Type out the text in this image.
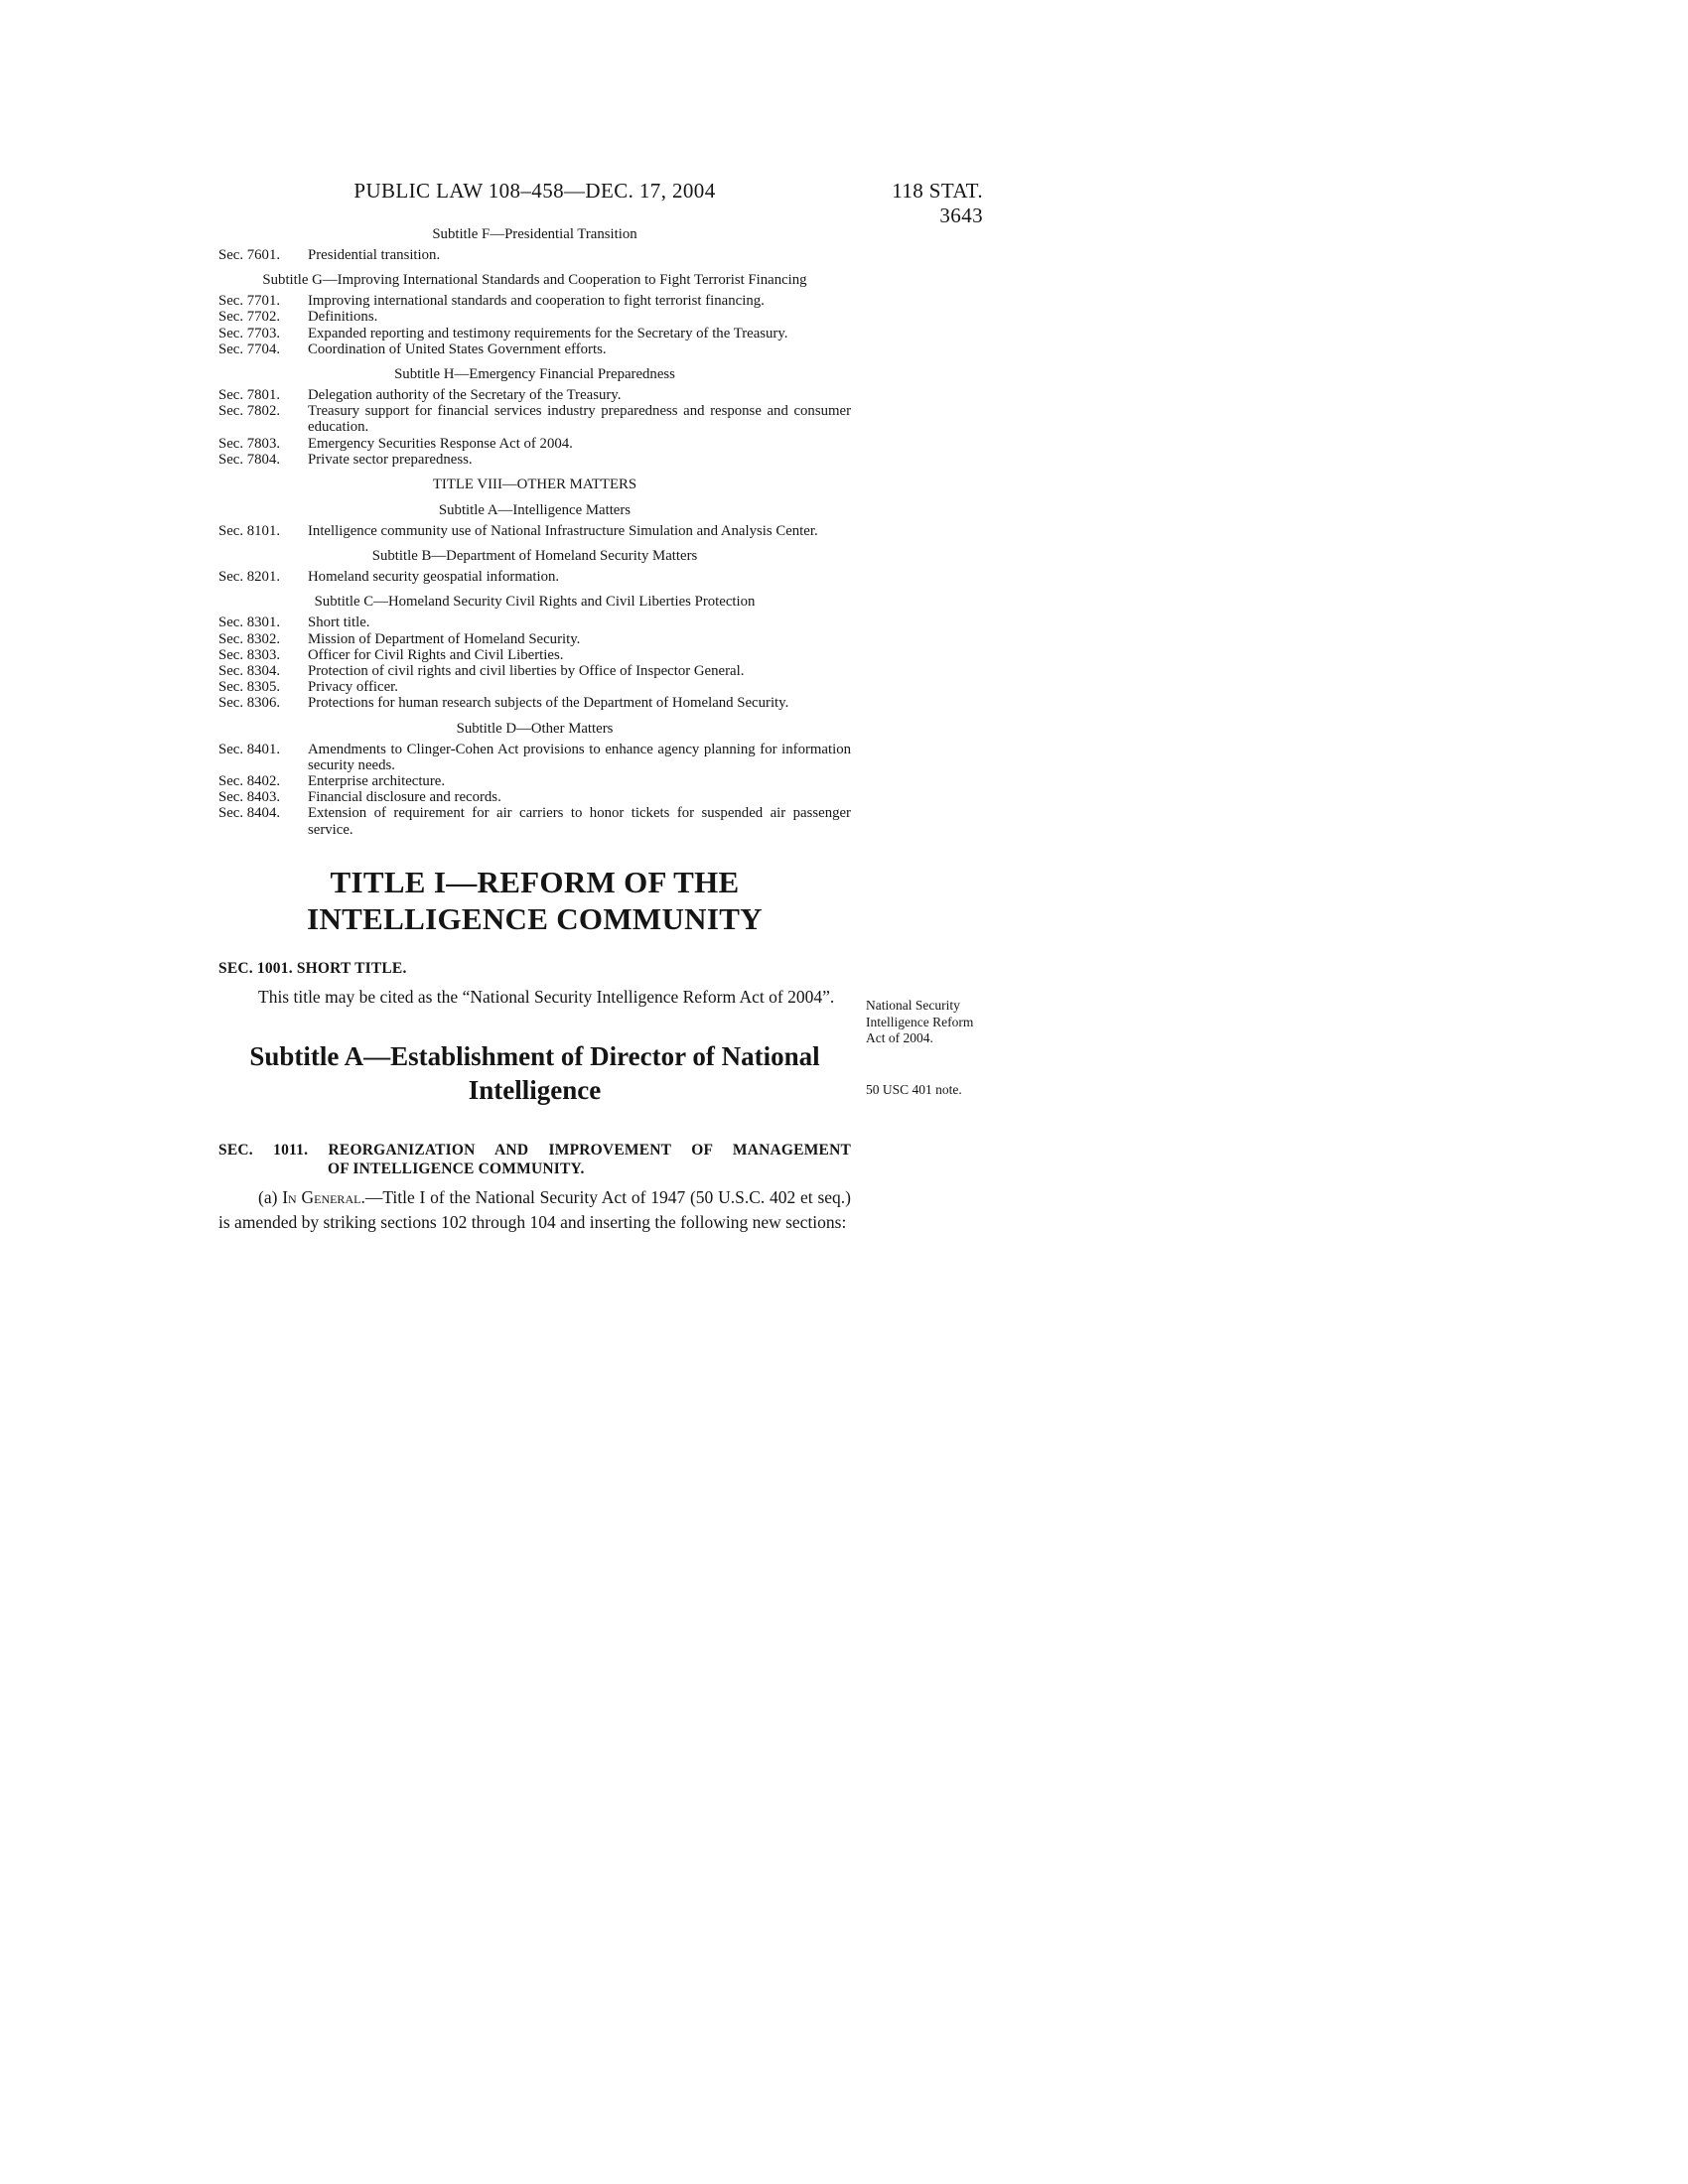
PUBLIC LAW 108–458—DEC. 17, 2004	118 STAT. 3643
Subtitle F—Presidential Transition
Sec. 7601. Presidential transition.
Subtitle G—Improving International Standards and Cooperation to Fight Terrorist Financing
Sec. 7701. Improving international standards and cooperation to fight terrorist financing.
Sec. 7702. Definitions.
Sec. 7703. Expanded reporting and testimony requirements for the Secretary of the Treasury.
Sec. 7704. Coordination of United States Government efforts.
Subtitle H—Emergency Financial Preparedness
Sec. 7801. Delegation authority of the Secretary of the Treasury.
Sec. 7802. Treasury support for financial services industry preparedness and response and consumer education.
Sec. 7803. Emergency Securities Response Act of 2004.
Sec. 7804. Private sector preparedness.
TITLE VIII—OTHER MATTERS
Subtitle A—Intelligence Matters
Sec. 8101. Intelligence community use of National Infrastructure Simulation and Analysis Center.
Subtitle B—Department of Homeland Security Matters
Sec. 8201. Homeland security geospatial information.
Subtitle C—Homeland Security Civil Rights and Civil Liberties Protection
Sec. 8301. Short title.
Sec. 8302. Mission of Department of Homeland Security.
Sec. 8303. Officer for Civil Rights and Civil Liberties.
Sec. 8304. Protection of civil rights and civil liberties by Office of Inspector General.
Sec. 8305. Privacy officer.
Sec. 8306. Protections for human research subjects of the Department of Homeland Security.
Subtitle D—Other Matters
Sec. 8401. Amendments to Clinger-Cohen Act provisions to enhance agency planning for information security needs.
Sec. 8402. Enterprise architecture.
Sec. 8403. Financial disclosure and records.
Sec. 8404. Extension of requirement for air carriers to honor tickets for suspended air passenger service.
TITLE I—REFORM OF THE INTELLIGENCE COMMUNITY
SEC. 1001. SHORT TITLE.
This title may be cited as the “National Security Intelligence Reform Act of 2004”.
Subtitle A—Establishment of Director of National Intelligence
SEC. 1011. REORGANIZATION AND IMPROVEMENT OF MANAGEMENT
OF INTELLIGENCE COMMUNITY.
(a) In General.—Title I of the National Security Act of 1947 (50 U.S.C. 402 et seq.) is amended by striking sections 102 through 104 and inserting the following new sections:
National Security Intelligence Reform Act of 2004.
50 USC 401 note.
